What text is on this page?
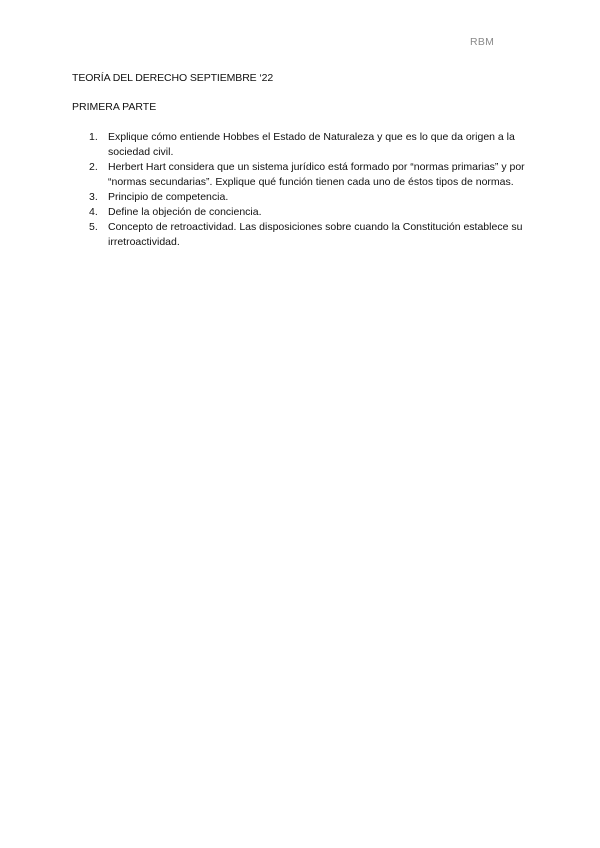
RBM
TEORÍA DEL DERECHO SEPTIEMBRE ‘22
PRIMERA PARTE
1. Explique cómo entiende Hobbes el Estado de Naturaleza y que es lo que da origen a la sociedad civil.
2. Herbert Hart considera que un sistema jurídico está formado por “normas primarias” y por “normas secundarias”. Explique qué función tienen cada uno de éstos tipos de normas.
3. Principio de competencia.
4. Define la objeción de conciencia.
5. Concepto de retroactividad. Las disposiciones sobre cuando la Constitución establece su irretroactividad.
